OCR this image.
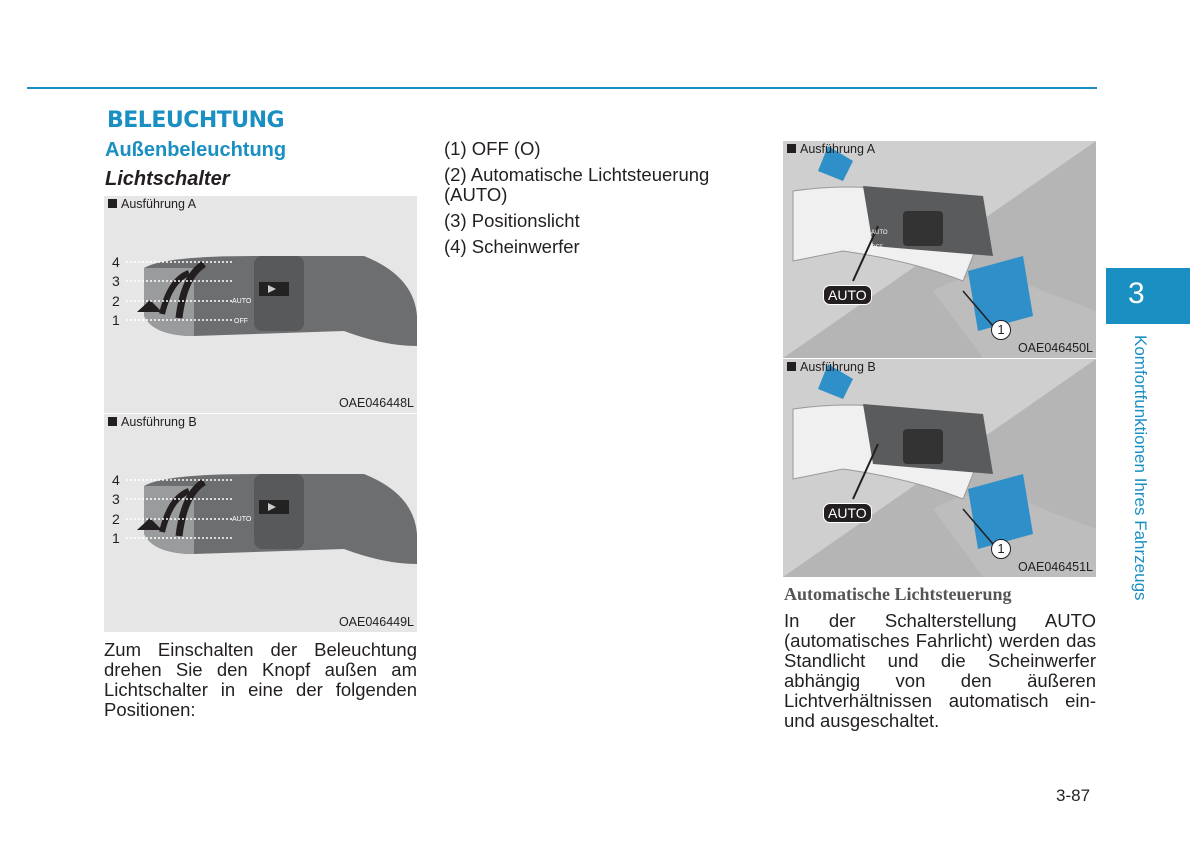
BELEUCHTUNG
Außenbeleuchtung
Lichtschalter
Ausführung A
OFF
AUTO
4
3
2
1
OAE046448L
Ausführung B
AUTO
4
3
2
1
OAE046449L
Zum Einschalten der Beleuchtung drehen Sie den Knopf außen am Lichtschalter in eine der folgenden Positionen:
(1) OFF (O)
(2) Automatische Lichtsteuerung (AUTO)
(3) Positionslicht
(4) Scheinwerfer
AUTO
OFF
Ausführung A
AUTO
1
OAE046450L
Ausführung B
AUTO
1
OAE046451L
Automatische Lichtsteuerung
In der Schalterstellung AUTO (automatisches Fahrlicht) werden das Standlicht und die Scheinwerfer abhängig von den äußeren Lichtverhältnissen automatisch ein- und ausgeschaltet.
3
Komfortfunktionen Ihres Fahrzeugs
3-87
